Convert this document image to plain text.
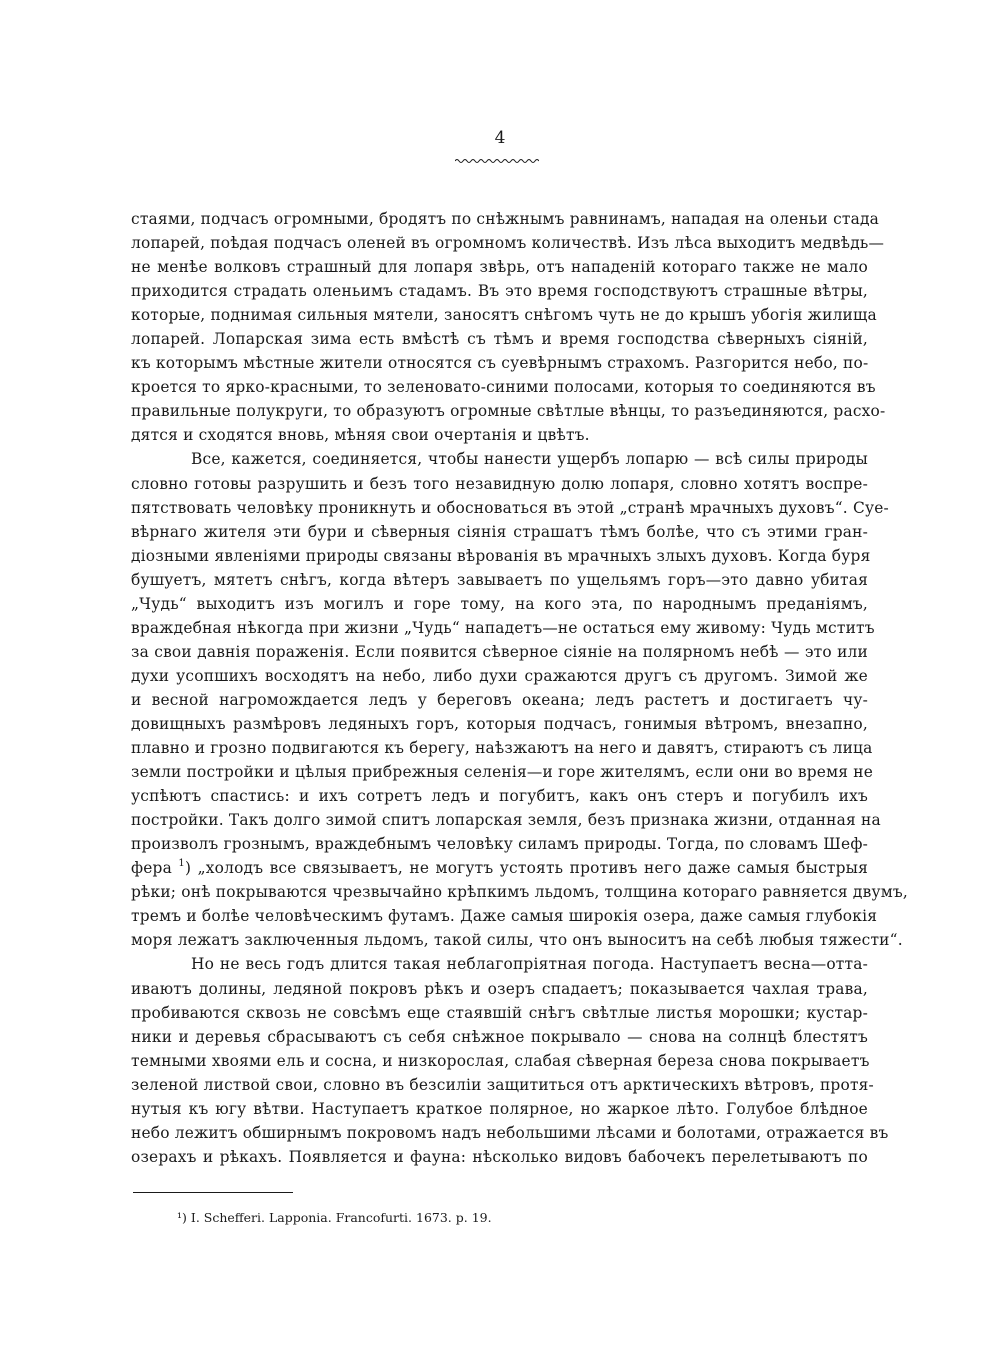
4
стаями, подчасъ огромными, бродятъ по снѣжнымъ равнинамъ, нападая на оленьи стада
лопарей, поѣдая подчасъ оленей въ огромномъ количествѣ. Изъ лѣса выходитъ медвѣдь—
не менѣе волковъ страшный для лопаря звѣрь, отъ нападеній котораго также не мало
приходится страдать оленьимъ стадамъ. Въ это время господствуютъ страшные вѣтры,
которые, поднимая сильныя мятели, заносятъ снѣгомъ чуть не до крышъ убогія жилища
лопарей. Лопарская зима есть вмѣстѣ съ тѣмъ и время господства сѣверныхъ сіяній,
къ которымъ мѣстные жители относятся съ суевѣрнымъ страхомъ. Разгорится небо, по-
кроется то ярко-красными, то зеленовато-синими полосами, которыя то соединяются въ
правильные полукруги, то образуютъ огромные свѣтлые вѣнцы, то разъединяются, расхо-
дятся и сходятся вновь, мѣняя свои очертанія и цвѣтъ.
Все, кажется, соединяется, чтобы нанести ущербъ лопарю — всѣ силы природы
словно готовы разрушить и безъ того незавидную долю лопаря, словно хотятъ воспре-
пятствовать человѣку проникнуть и обосноваться въ этой „странѣ мрачныхъ духовъ“. Суе-
вѣрнаго жителя эти бури и сѣверныя сіянія страшатъ тѣмъ болѣе, что съ этими гран-
діозными явленіями природы связаны вѣрованія въ мрачныхъ злыхъ духовъ. Когда буря
бушуетъ, мятетъ снѣгъ, когда вѣтеръ завываетъ по ущельямъ горъ—это давно убитая
„Чудь“ выходитъ изъ могилъ и горе тому, на кого эта, по народнымъ преданіямъ,
враждебная нѣкогда при жизни „Чудь“ нападетъ—не остаться ему живому: Чудь мститъ
за свои давнія пораженія. Если появится сѣверное сіяніе на полярномъ небѣ — это или
духи усопшихъ восходятъ на небо, либо духи сражаются другъ съ другомъ. Зимой же
и весной нагромождается ледъ у береговъ океана; ледъ растетъ и достигаетъ чу-
довищныхъ размѣровъ ледяныхъ горъ, которыя подчасъ, гонимыя вѣтромъ, внезапно,
плавно и грозно подвигаются къ берегу, наѣзжаютъ на него и давятъ, стираютъ съ лица
земли постройки и цѣлыя прибрежныя селенія—и горе жителямъ, если они во время не
успѣютъ спастись: и ихъ сотретъ ледъ и погубитъ, какъ онъ стеръ и погубилъ ихъ
постройки. Такъ долго зимой спитъ лопарская земля, безъ признака жизни, отданная на
произволъ грознымъ, враждебнымъ человѣку силамъ природы. Тогда, по словамъ Шеф-
фера $^1$) „холодъ все связываетъ, не могутъ устоять противъ него даже самыя быстрыя
рѣки; онѣ покрываются чрезвычайно крѣпкимъ льдомъ, толщина котораго равняется двумъ,
тремъ и болѣе человѣческимъ футамъ. Даже самыя широкія озера, даже самыя глубокія
моря лежатъ заключенныя льдомъ, такой силы, что онъ выноситъ на себѣ любыя тяжести“.
Но не весь годъ длится такая неблагопріятная погода. Наступаетъ весна—отта-
иваютъ долины, ледяной покровъ рѣкъ и озеръ спадаетъ; показывается чахлая трава,
пробиваются сквозь не совсѣмъ еще стаявшій снѣгъ свѣтлые листья морошки; кустар-
ники и деревья сбрасываютъ съ себя снѣжное покрывало — снова на солнцѣ блестятъ
темными хвоями ель и сосна, и низкорослая, слабая сѣверная береза снова покрываетъ
зеленой листвой свои, словно въ безсиліи защититься отъ арктическихъ вѣтровъ, протя-
нутыя къ югу вѣтви. Наступаетъ краткое полярное, но жаркое лѣто. Голубое блѣдное
небо лежитъ обширнымъ покровомъ надъ небольшими лѣсами и болотами, отражается въ
озерахъ и рѣкахъ. Появляется и фауна: нѣсколько видовъ бабочекъ перелетываютъ по
¹) I. Schefferi. Lapponia. Francofurti. 1673. p. 19.
